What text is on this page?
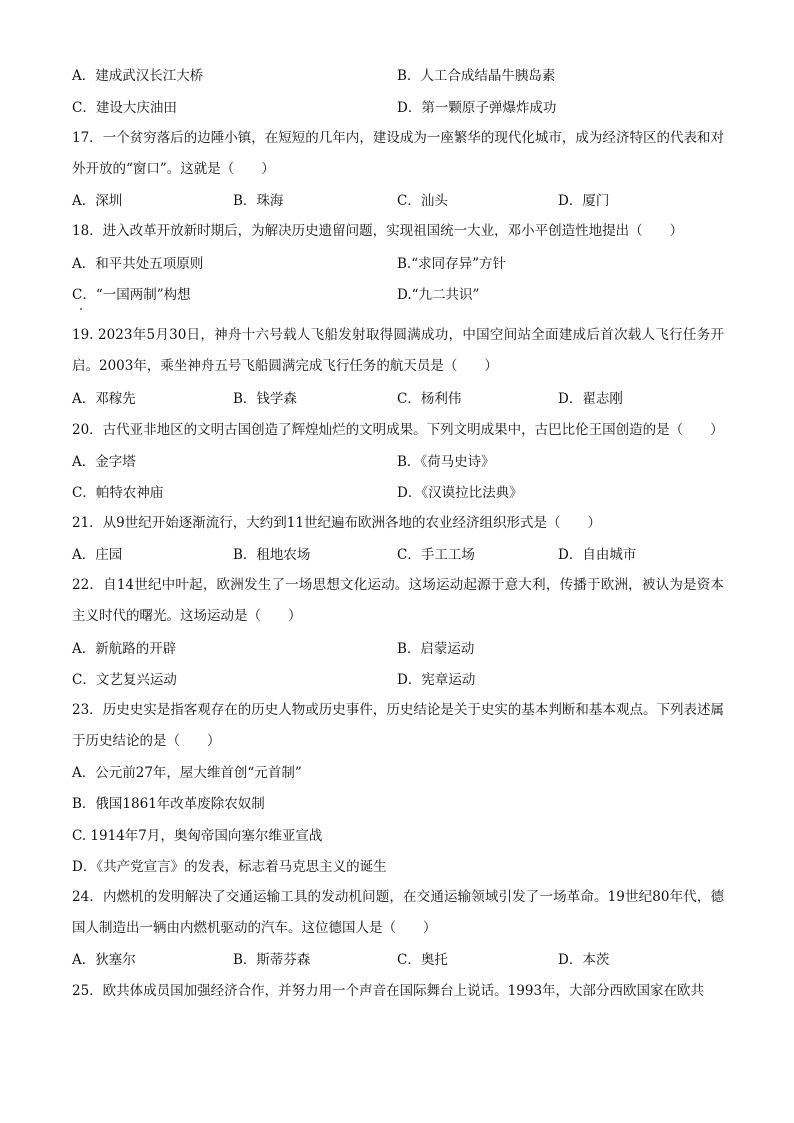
A．建成武汉长江大桥	B．人工合成结晶牛胰岛素
C．建设大庆油田	D．第一颗原子弹爆炸成功
17．一个贫穷落后的边陲小镇，在短短的几年内，建设成为一座繁华的现代化城市，成为经济特区的代表和对外开放的“窗口”。这就是（　　）
A．深圳	B．珠海	C．汕头	D．厦门
18．进入改革开放新时期后，为解决历史遗留问题，实现祖国统一大业，邓小平创造性地提出（　　）
A．和平共处五项原则	B.“求同存异”方针
C．“一国两制”构想	D.“九二共识”
19. 2023年5月30日，神舟十六号载人飞船发射取得圆满成功，中国空间站全面建成后首次载人飞行任务开启。2003年，乘坐神舟五号飞船圆满完成飞行任务的航天员是（　　）
A．邓稼先	B．钱学森	C．杨利伟	D．翟志刚
20．古代亚非地区的文明古国创造了辉煌灿烂的文明成果。下列文明成果中，古巴比伦王国创造的是（　　）
A．金字塔	B．《荷马史诗》
C．帕特农神庙	D．《汉谟拉比法典》
21．从9世纪开始逐渐流行，大约到11世纪遍布欧洲各地的农业经济组织形式是（　　）
A．庄园	B．租地农场	C．手工工场	D．自由城市
22．自14世纪中叶起，欧洲发生了一场思想文化运动。这场运动起源于意大利，传播于欧洲，被认为是资本主义时代的曙光。这场运动是（　　）
A．新航路的开辟	B．启蒙运动
C．文艺复兴运动	D．宪章运动
23．历史史实是指客观存在的历史人物或历史事件，历史结论是关于史实的基本判断和基本观点。下列表述属于历史结论的是（　　）
A．公元前27年，屋大维首创“元首制”
B．俄国1861年改革废除农奴制
C. 1914年7月，奥匈帝国向塞尔维亚宣战
D．《共产党宣言》的发表，标志着马克思主义的诞生
24．内燃机的发明解决了交通运输工具的发动机问题，在交通运输领域引发了一场革命。19世纪80年代，德国人制造出一辆由内燃机驱动的汽车。这位德国人是（　　）
A．狄塞尔	B．斯蒂芬森	C．奥托	D．本茨
25．欧共体成员国加强经济合作，并努力用一个声音在国际舞台上说话。1993年，大部分西欧国家在欧共
